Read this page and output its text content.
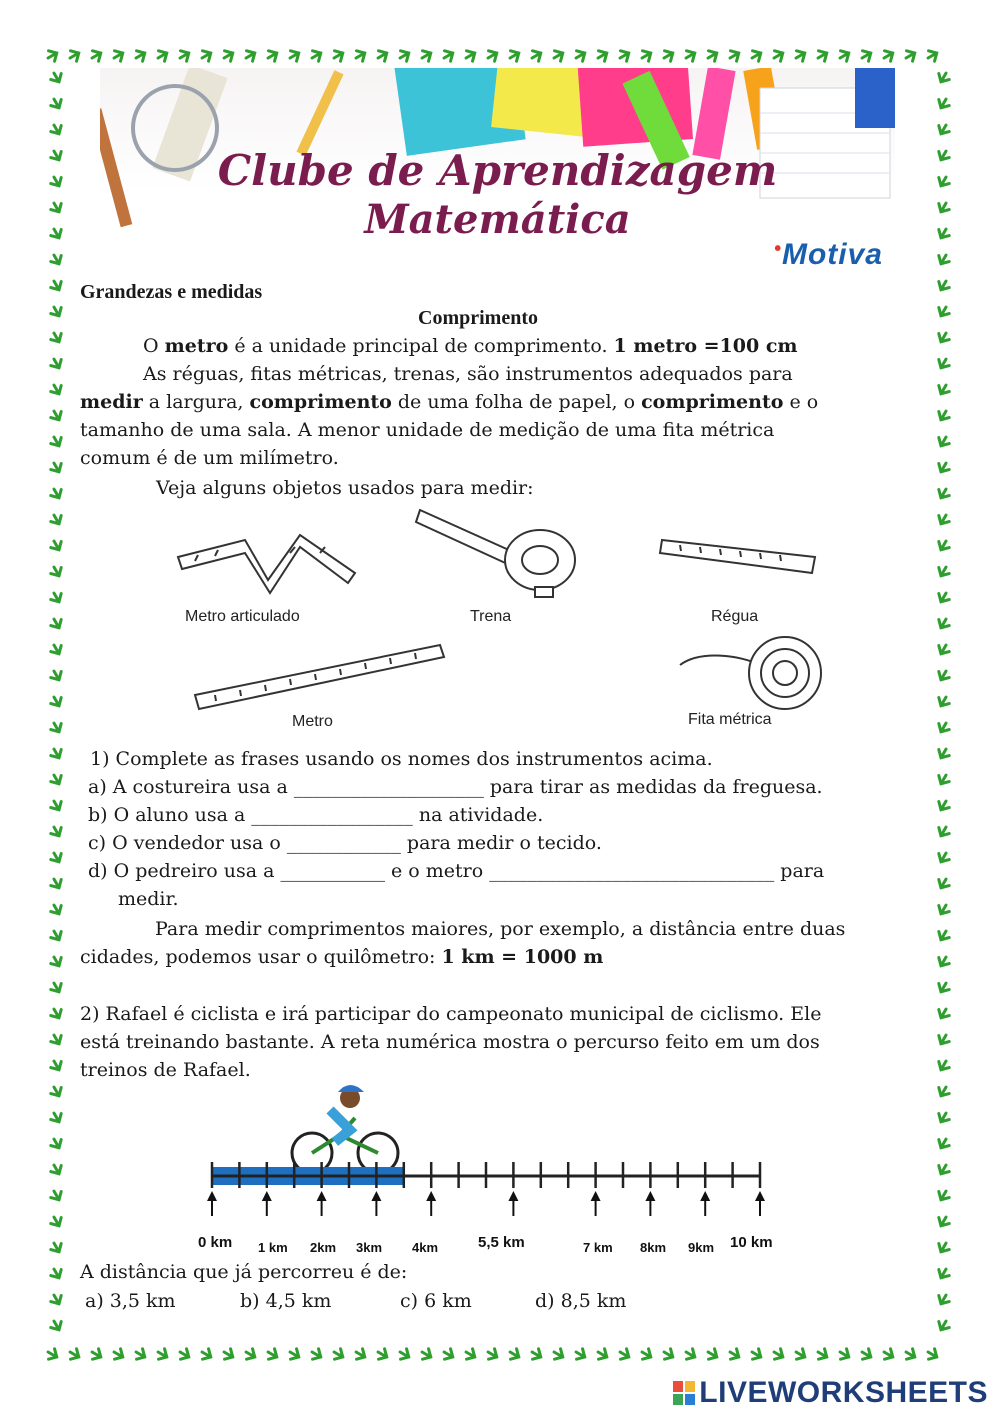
Clube de Aprendizagem
Matemática
•Motiva
Grandezas e medidas
Comprimento
O metro é a unidade principal de comprimento. 1 metro =100 cm
As réguas, fitas métricas, trenas, são instrumentos adequados para
medir a largura, comprimento de uma folha de papel, o comprimento e o
tamanho de uma sala. A menor unidade de medição de uma fita métrica
comum é de um milímetro.
Veja alguns objetos usados para medir:
Metro articulado	Trena	Régua
Metro	Fita métrica
1) Complete as frases usando os nomes dos instrumentos acima.
a) A costureira usa a ____________________ para tirar as medidas da freguesa.
b) O aluno usa a _________________ na atividade.
c) O vendedor usa o ____________ para medir o tecido.
d) O pedreiro usa a ___________ e o metro ______________________________ para
medir.
Para medir comprimentos maiores, por exemplo, a distância entre duas
cidades, podemos usar o quilômetro: 1 km = 1000 m
2) Rafael é ciclista e irá participar do campeonato municipal de ciclismo. Ele
está treinando bastante. A reta numérica mostra o percurso feito em um dos
treinos de Rafael.
0 km 1 km 2km 3km 4km	5,5 km	7 km 8km 9km 10 km
A distância que já percorreu é de:
a) 3,5 km	b) 4,5 km	c) 6 km	d) 8,5 km
LIVEWORKSHEETS
